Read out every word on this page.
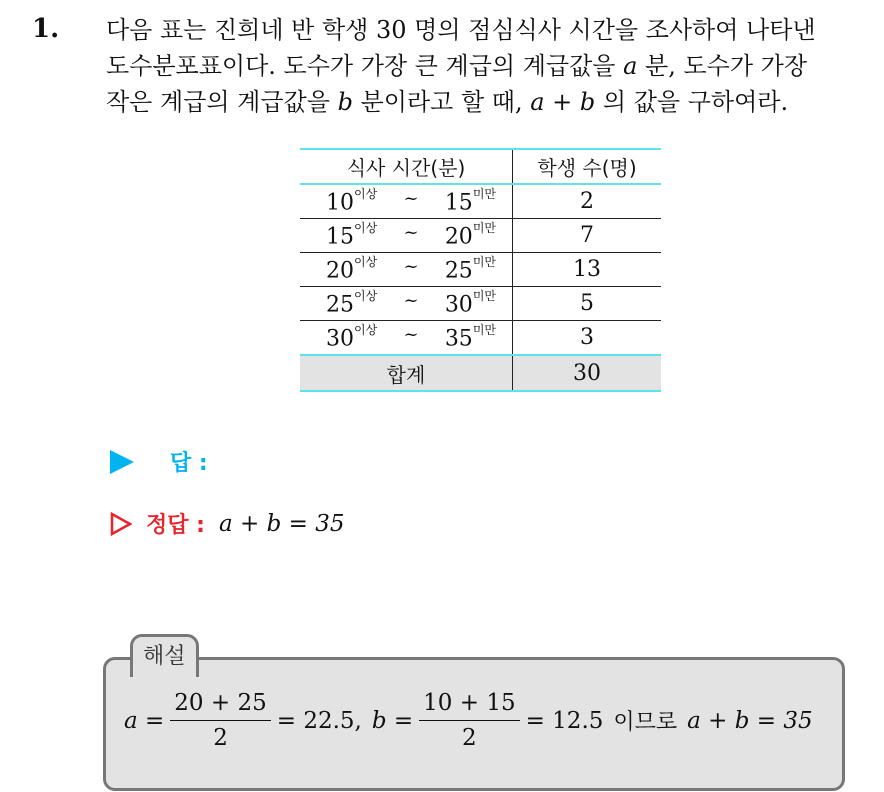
1. 다음 표는 진희네 반 학생 30 명의 점심식사 시간을 조사하여 나타낸

도수분포표이다. 도수가 가장 큰 계급의 계급값을 a 분, 도수가 가장

작은 계급의 계급값을 b 분이라고 할 때, a + b 의 값을 구하여라.

식사 시간(분)	학생 수(명)

$10^{이상}$ ~ $15^{미만}$	2

$15^{이상}$ ~ $20^{미만}$	7

$20^{이상}$ ~ $25^{미만}$	13

$25^{이상}$ ~ $30^{미만}$	5

$30^{이상}$ ~ $35^{미만}$	3
합계	30
답 :
정답 : a + b = 35
해설
$a = \frac{20 + 25}{2} = 22.5$, $b = \frac{10 + 15}{2} = 12.5$ 이므로 a + b = 35
